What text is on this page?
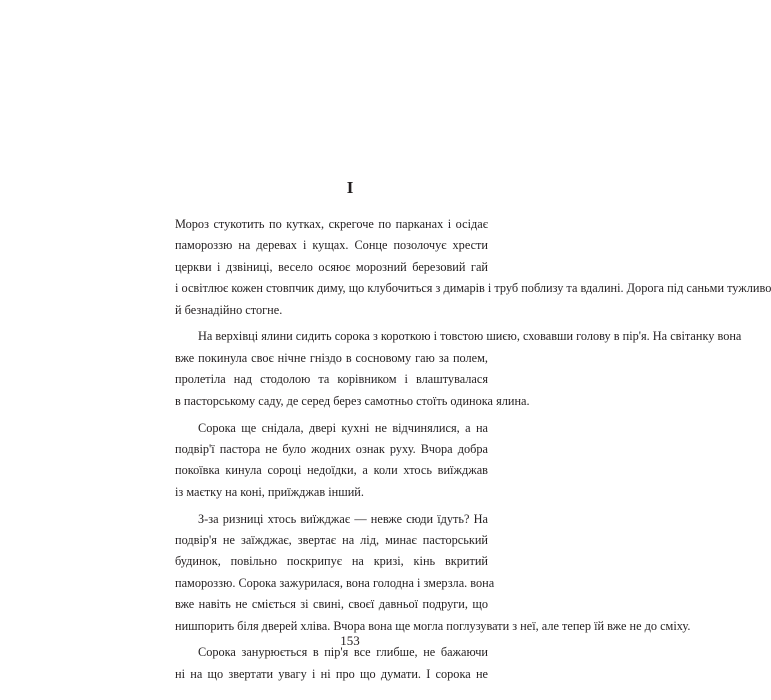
I
Мороз стукотить по кутках, скрегоче по парканах і осідає
памороззю на деревах і кущах. Сонце позолочує хрести
церкви і дзвіниці, весело осяює морозний березовий гай
і освітлює кожен стовпчик диму, що клубочиться з димарів і труб поблизу та вдалині. Дорога під саньми тужливо
й безнадійно стогне.
На верхівці ялини сидить сорока з короткою і товстою шиєю, сховавши голову в пір'я. На світанку вона
вже покинула своє нічне гніздо в сосновому гаю за полем,
пролетіла над стодолою та корівником і влаштувалася
в пасторському саду, де серед берез самотньо стоїть одинока ялина.
Сорока ще снідала, двері кухні не відчинялися, а на
подвір'ї пастора не було жодних ознак руху. Вчора добра
покоївка кинула сороці недоїдки, а коли хтось виїжджав
із маєтку на коні, приїжджав інший.
З-за ризниці хтось виїжджає — невже сюди їдуть? На
подвір'я не заїжджає, звертає на лід, минає пасторський
будинок, повільно поскрипує на кризі, кінь вкритий
памороззю. Сорока зажурилася, вона голодна і змерзла. вона
вже навіть не сміється зі свині, своєї давньої подруги, що
нишпорить біля дверей хліва. Вчора вона ще могла поглузувати з неї, але тепер їй вже не до сміху.
Сорока занурюється в пір'я все глибше, не бажаючи
ні на що звертати увагу і ні про що думати. І сорока не
153
